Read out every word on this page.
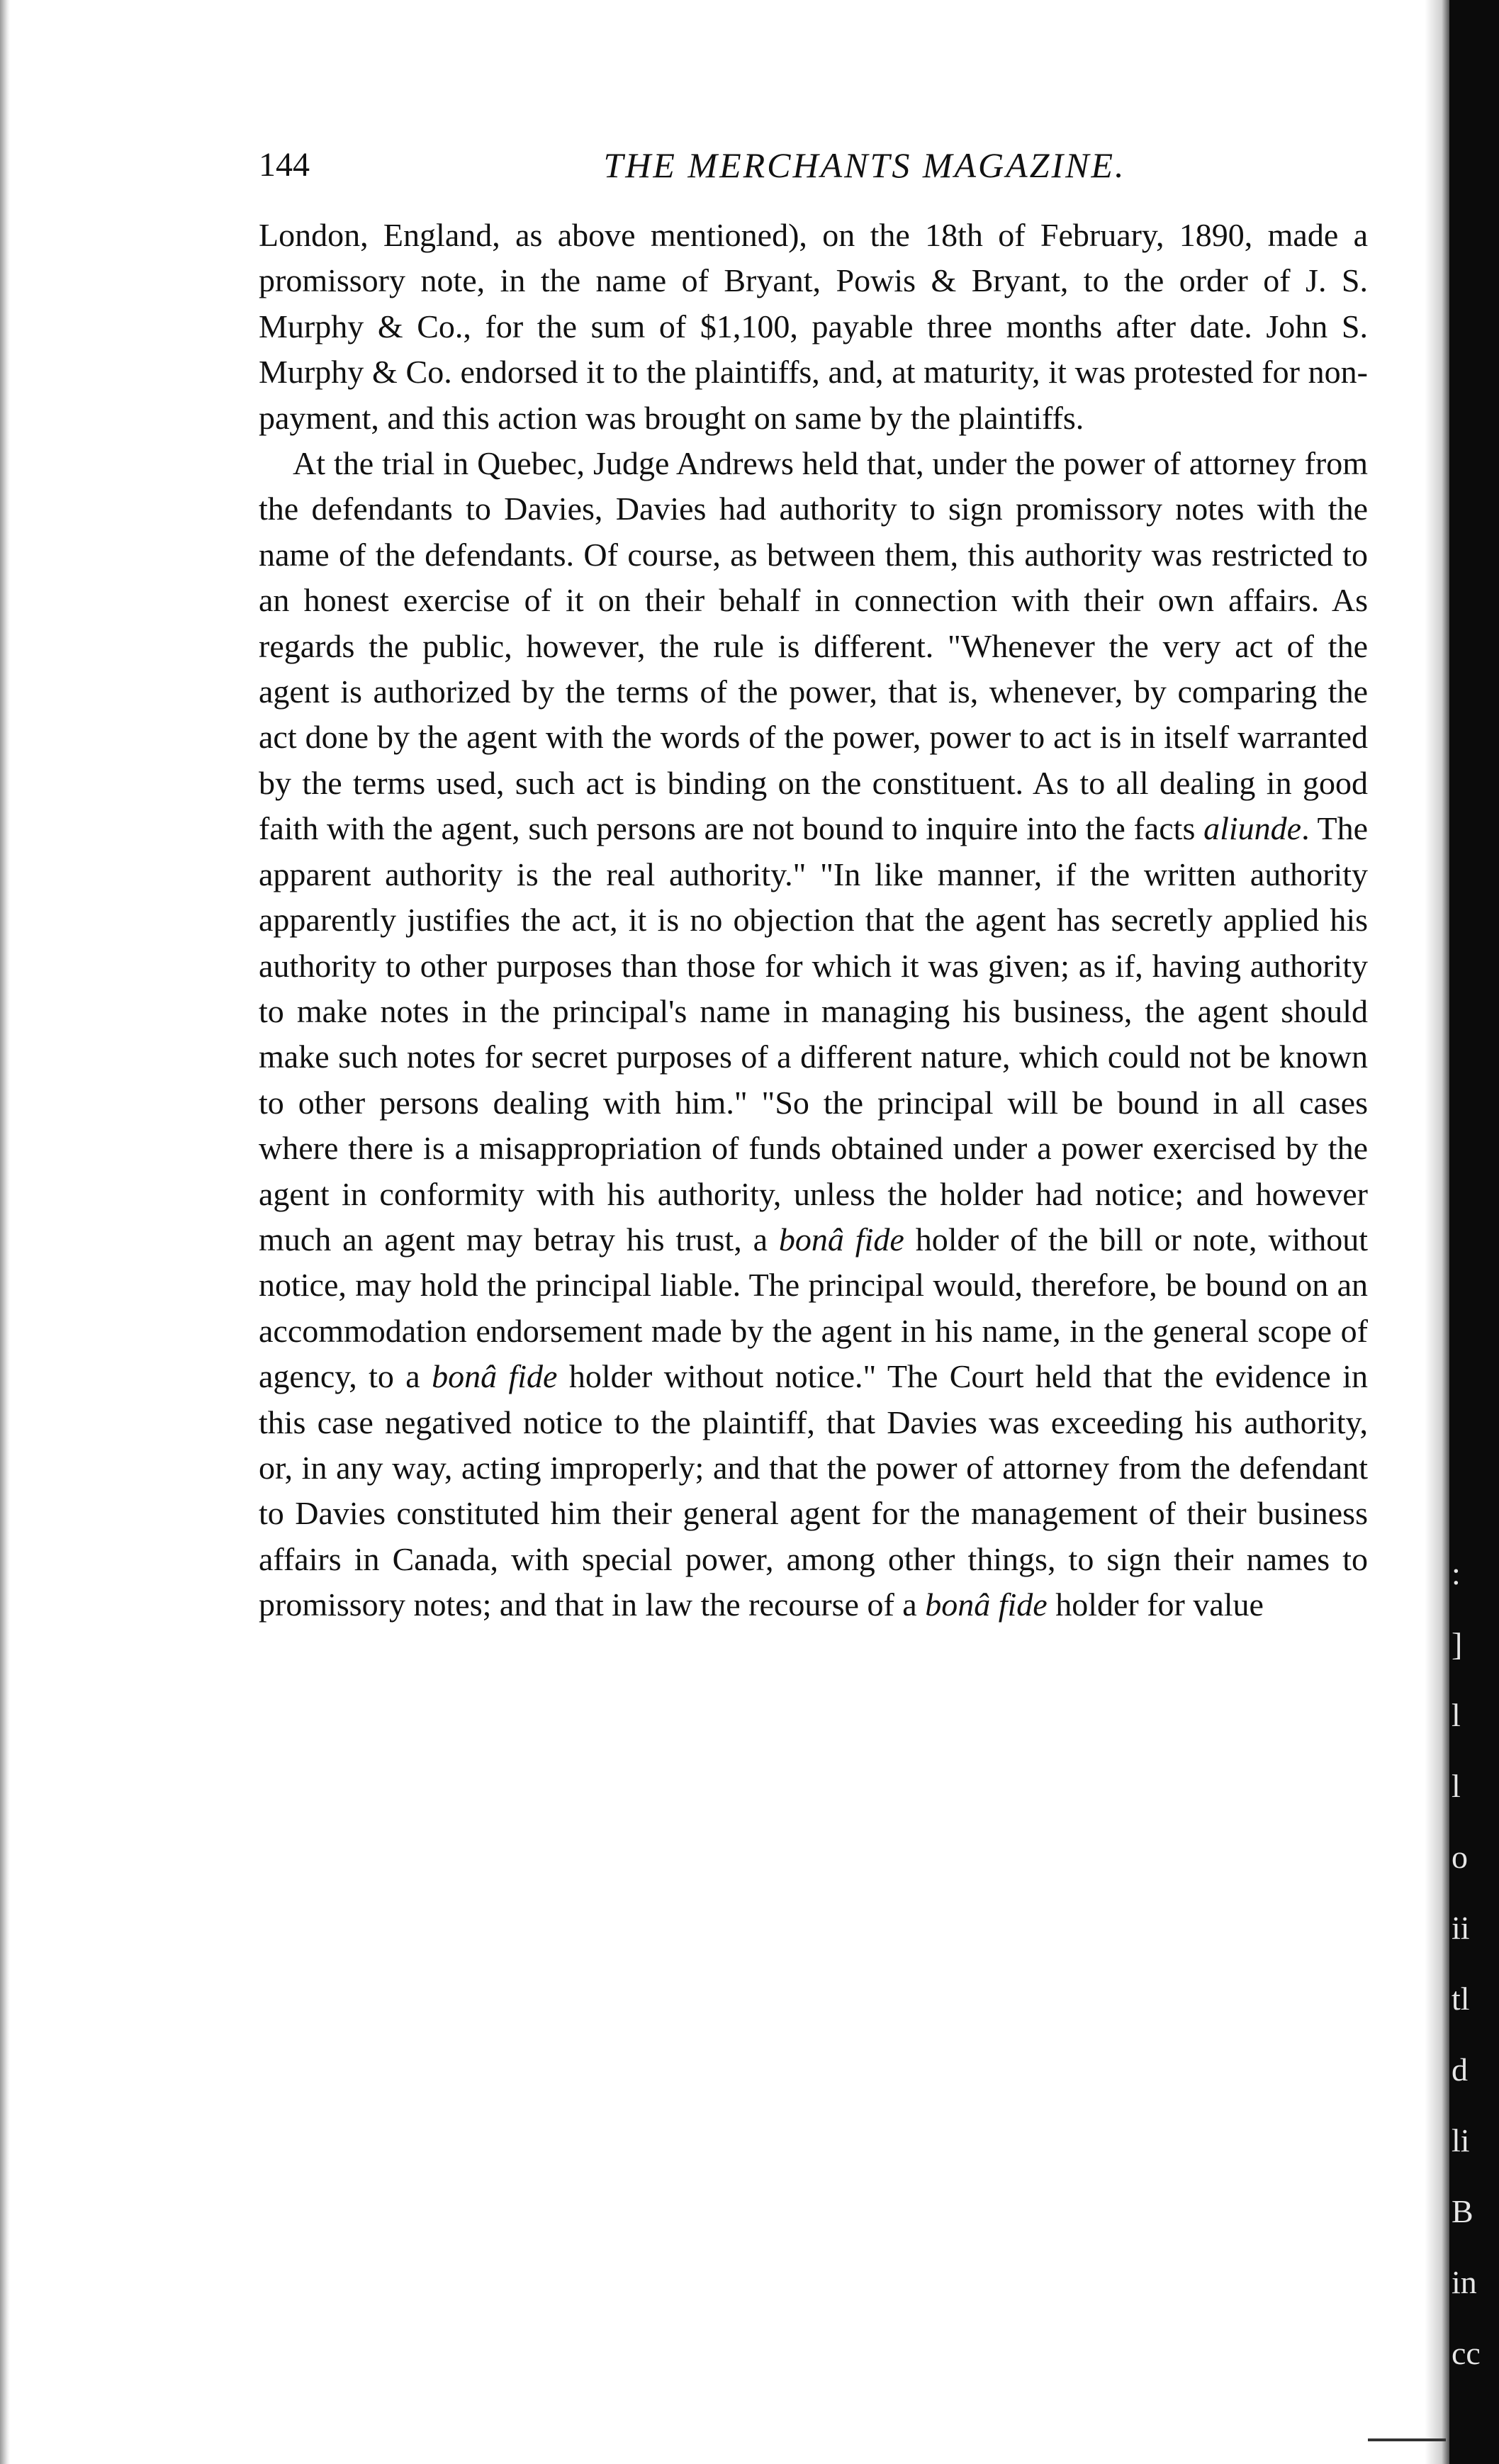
:
]
l
l
o
ii
tl
d
li
B
in
cc
144	THE MERCHANTS MAGAZINE.

London, England, as above mentioned), on the 18th of February, 1890, made a promissory note, in the name of Bryant, Powis & Bryant, to the order of J. S. Murphy & Co., for the sum of $1,100, payable three months after date. John S. Murphy & Co. endorsed it to the plaintiffs, and, at maturity, it was protested for non-payment, and this action was brought on same by the plaintiffs.

At the trial in Quebec, Judge Andrews held that, under the power of attorney from the defendants to Davies, Davies had authority to sign promissory notes with the name of the defendants. Of course, as between them, this authority was restricted to an honest exercise of it on their behalf in connection with their own affairs. As regards the public, however, the rule is different. "Whenever the very act of the agent is authorized by the terms of the power, that is, whenever, by comparing the act done by the agent with the words of the power, power to act is in itself warranted by the terms used, such act is binding on the constituent. As to all dealing in good faith with the agent, such persons are not bound to inquire into the facts aliunde. The apparent authority is the real authority." "In like manner, if the written authority apparently justifies the act, it is no objection that the agent has secretly applied his authority to other purposes than those for which it was given; as if, having authority to make notes in the principal's name in managing his business, the agent should make such notes for secret purposes of a different nature, which could not be known to other persons dealing with him." "So the principal will be bound in all cases where there is a misappropriation of funds obtained under a power exercised by the agent in conformity with his authority, unless the holder had notice; and however much an agent may betray his trust, a bonâ fide holder of the bill or note, without notice, may hold the principal liable. The principal would, therefore, be bound on an accommodation endorsement made by the agent in his name, in the general scope of agency, to a bonâ fide holder without notice." The Court held that the evidence in this case negatived notice to the plaintiff, that Davies was exceeding his authority, or, in any way, acting improperly; and that the power of attorney from the defendant to Davies constituted him their general agent for the management of their business affairs in Canada, with special power, among other things, to sign their names to promissory notes; and that in law the recourse of a bonâ fide holder for value
